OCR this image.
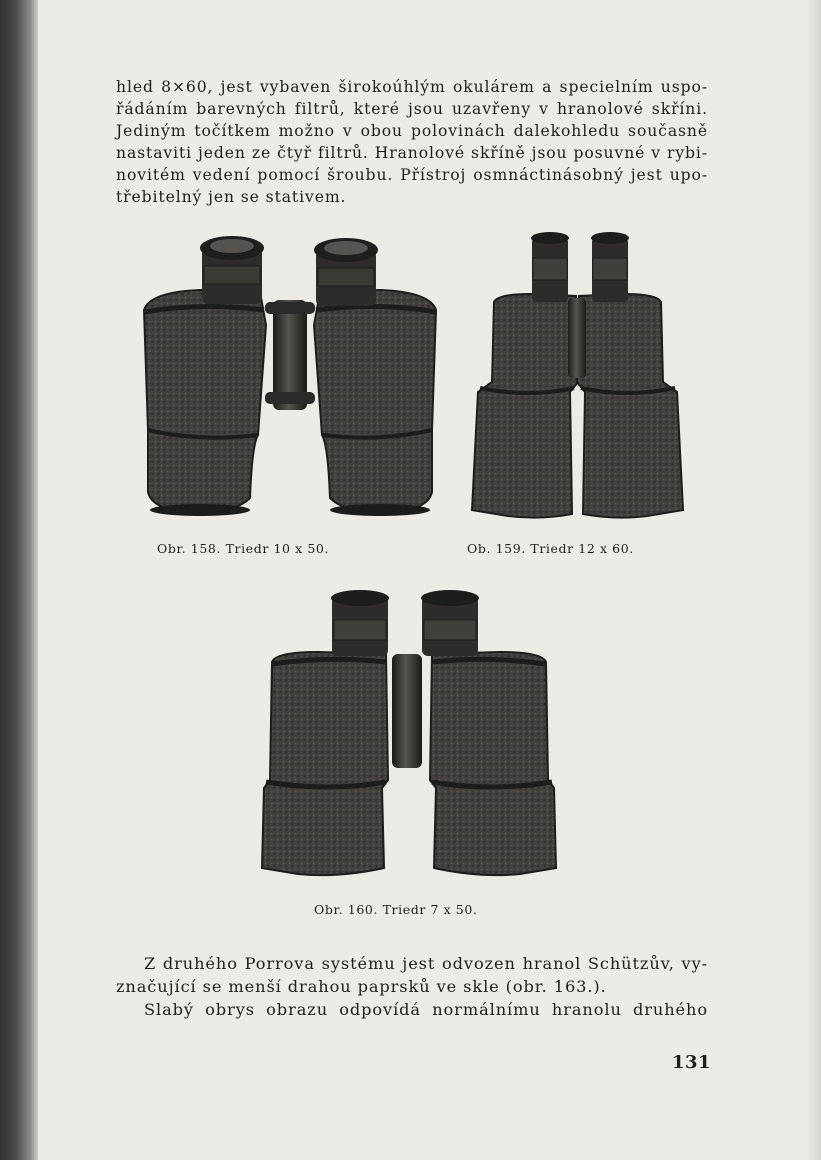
hled 8×60, jest vybaven širokoúhlým okulárem a specielním uspo-
řádáním barevných filtrů, které jsou uzavřeny v hranolové skříni.
Jediným točítkem možno v obou polovinách dalekohledu současně
nastaviti jeden ze čtyř filtrů. Hranolové skříně jsou posuvné v rybi-
novitém vedení pomocí šroubu. Přístroj osmnáctinásobný jest upo-
třebitelný jen se stativem.
Obr. 158. Triedr 10 x 50.	Ob. 159. Triedr 12 x 60.
Obr. 160. Triedr 7 x 50.
Z druhého Porrova systému jest odvozen hranol Schützův, vy-
značující se menší drahou paprsků ve skle (obr. 163.).
Slabý obrys obrazu odpovídá normálnímu hranolu druhého
131
